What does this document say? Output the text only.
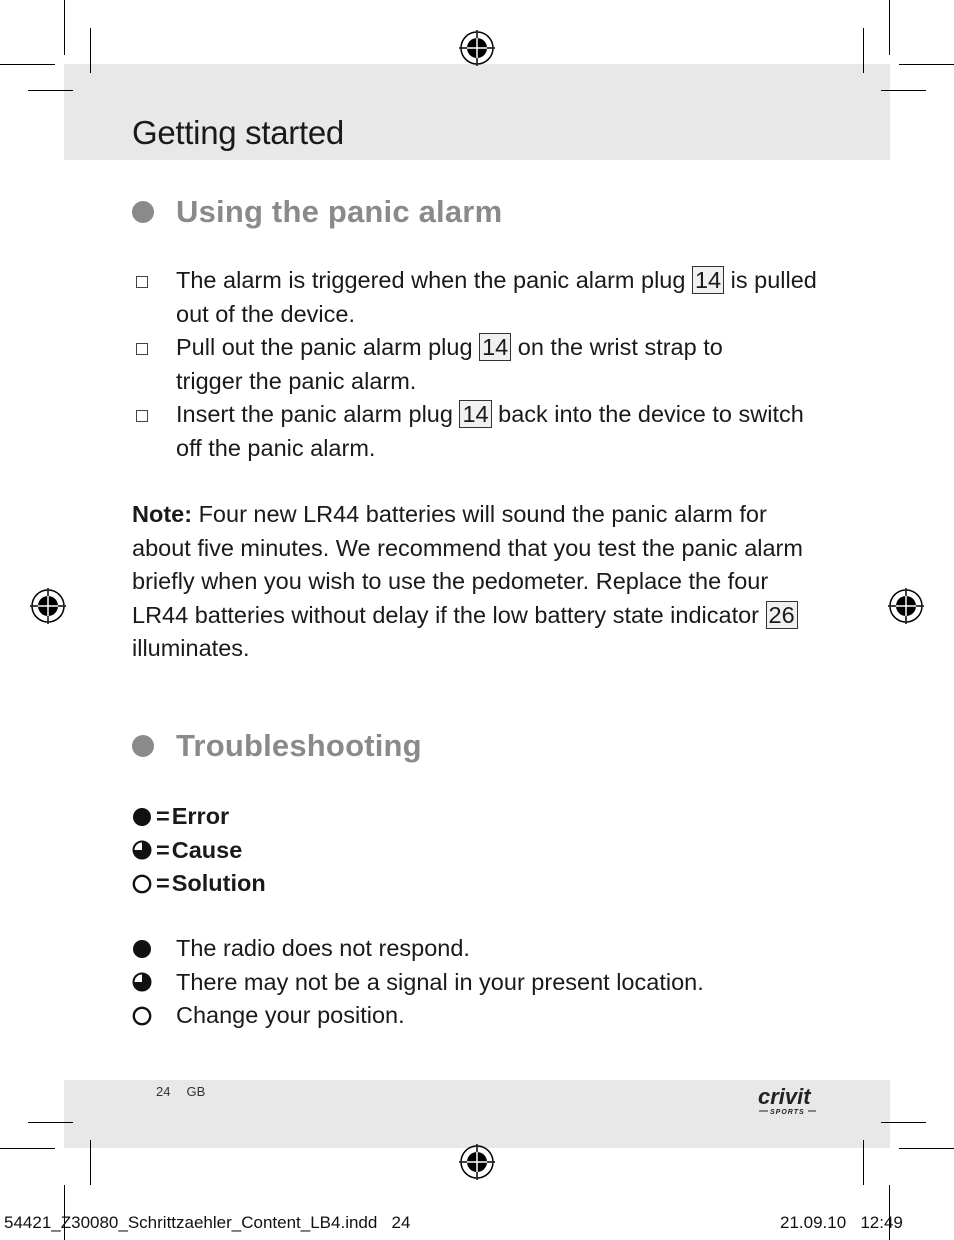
Getting started
Using the panic alarm
The alarm is triggered when the panic alarm plug 14 is pulled out of the device.
Pull out the panic alarm plug 14 on the wrist strap to trigger the panic alarm.
Insert the panic alarm plug 14 back into the device to switch off the panic alarm.
Note: Four new LR44 batteries will sound the panic alarm for about five minutes. We recommend that you test the panic alarm briefly when you wish to use the pedometer. Replace the four LR44 batteries without delay if the low battery state indicator 26 illuminates.
Troubleshooting
= Error
= Cause
= Solution
The radio does not respond.
There may not be a signal in your present location.
Change your position.
24 GB	crivit
SPORTS
54421_Z30080_Schrittzaehler_Content_LB4.indd   24	21.09.10   12:49
